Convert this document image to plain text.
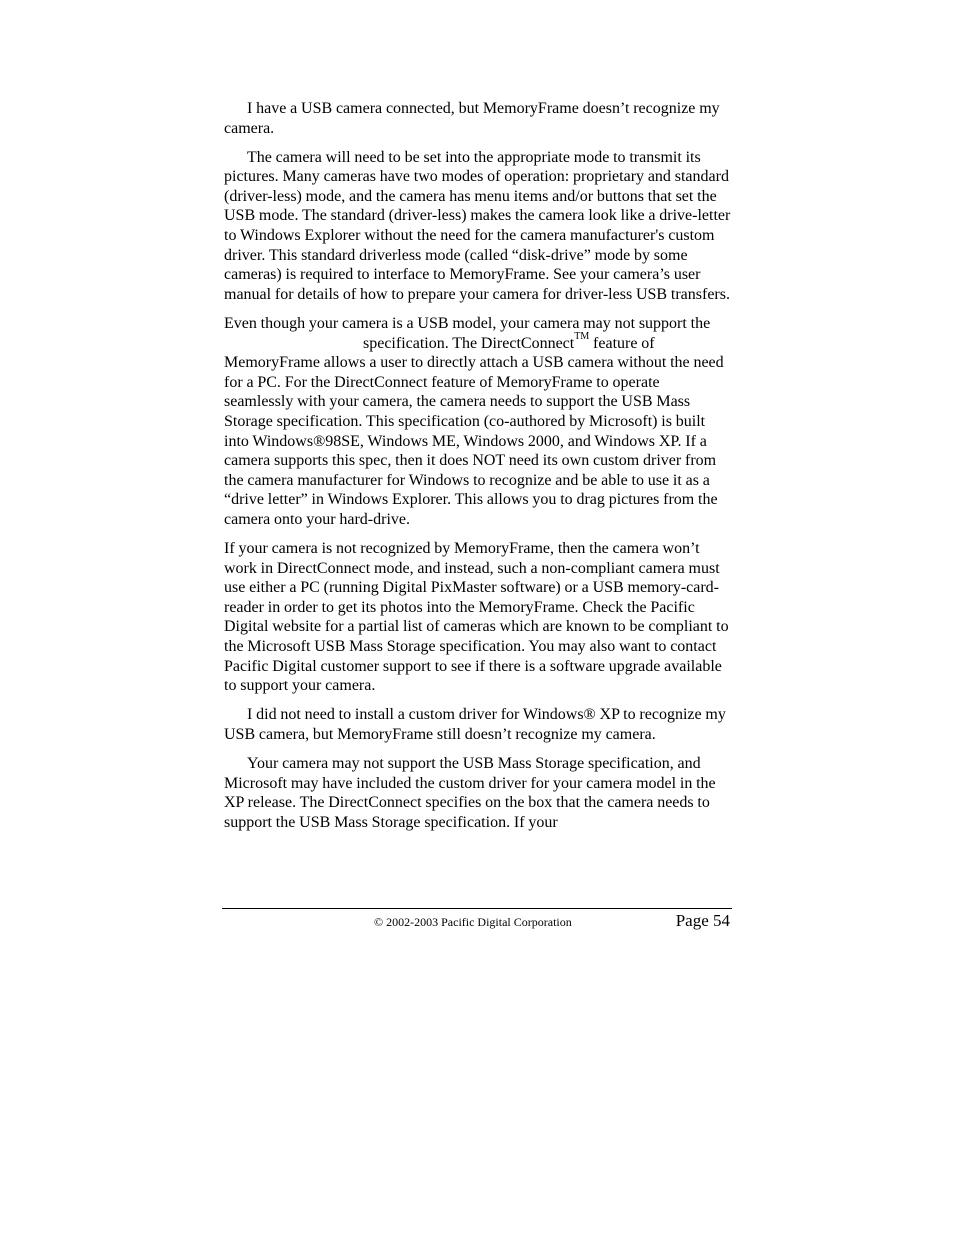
I have a USB camera connected, but MemoryFrame doesn’t recognize my camera.

The camera will need to be set into the appropriate mode to transmit its pictures. Many cameras have two modes of operation: proprietary and standard (driver-less) mode, and the camera has menu items and/or buttons that set the USB mode. The standard (driver-less) makes the camera look like a drive-letter to Windows Explorer without the need for the camera manufacturer's custom driver. This standard driverless mode (called “disk-drive” mode by some cameras) is required to interface to MemoryFrame. See your camera’s user manual for details of how to prepare your camera for driver-less USB transfers.

Even though your camera is a USB model, your camera may not support thespecification. The DirectConnect™ feature of MemoryFrame allows a user to directly attach a USB camera without the need for a PC. For the DirectConnect feature of MemoryFrame to operate seamlessly with your camera, the camera needs to support the USB Mass Storage specification. This specification (co-authored by Microsoft) is built into Windows®98SE, Windows ME, Windows 2000, and Windows XP. If a camera supports this spec, then it does NOT need its own custom driver from the camera manufacturer for Windows to recognize and be able to use it as a “drive letter” in Windows Explorer. This allows you to drag pictures from the camera onto your hard-drive.

If your camera is not recognized by MemoryFrame, then the camera won’t work in DirectConnect mode, and instead, such a non-compliant camera must use either a PC (running Digital PixMaster software) or a USB memory-card-reader in order to get its photos into the MemoryFrame. Check the Pacific Digital website for a partial list of cameras which are known to be compliant to the Microsoft USB Mass Storage specification. You may also want to contact Pacific Digital customer support to see if there is a software upgrade available to support your camera.

I did not need to install a custom driver for Windows® XP to recognize my USB camera, but MemoryFrame still doesn’t recognize my camera.

Your camera may not support the USB Mass Storage specification, and Microsoft may have included the custom driver for your camera model in the XP release. The DirectConnect specifies on the box that the camera needs to support the USB Mass Storage specification. If your

© 2002-2003 Pacific Digital Corporation	Page 54
